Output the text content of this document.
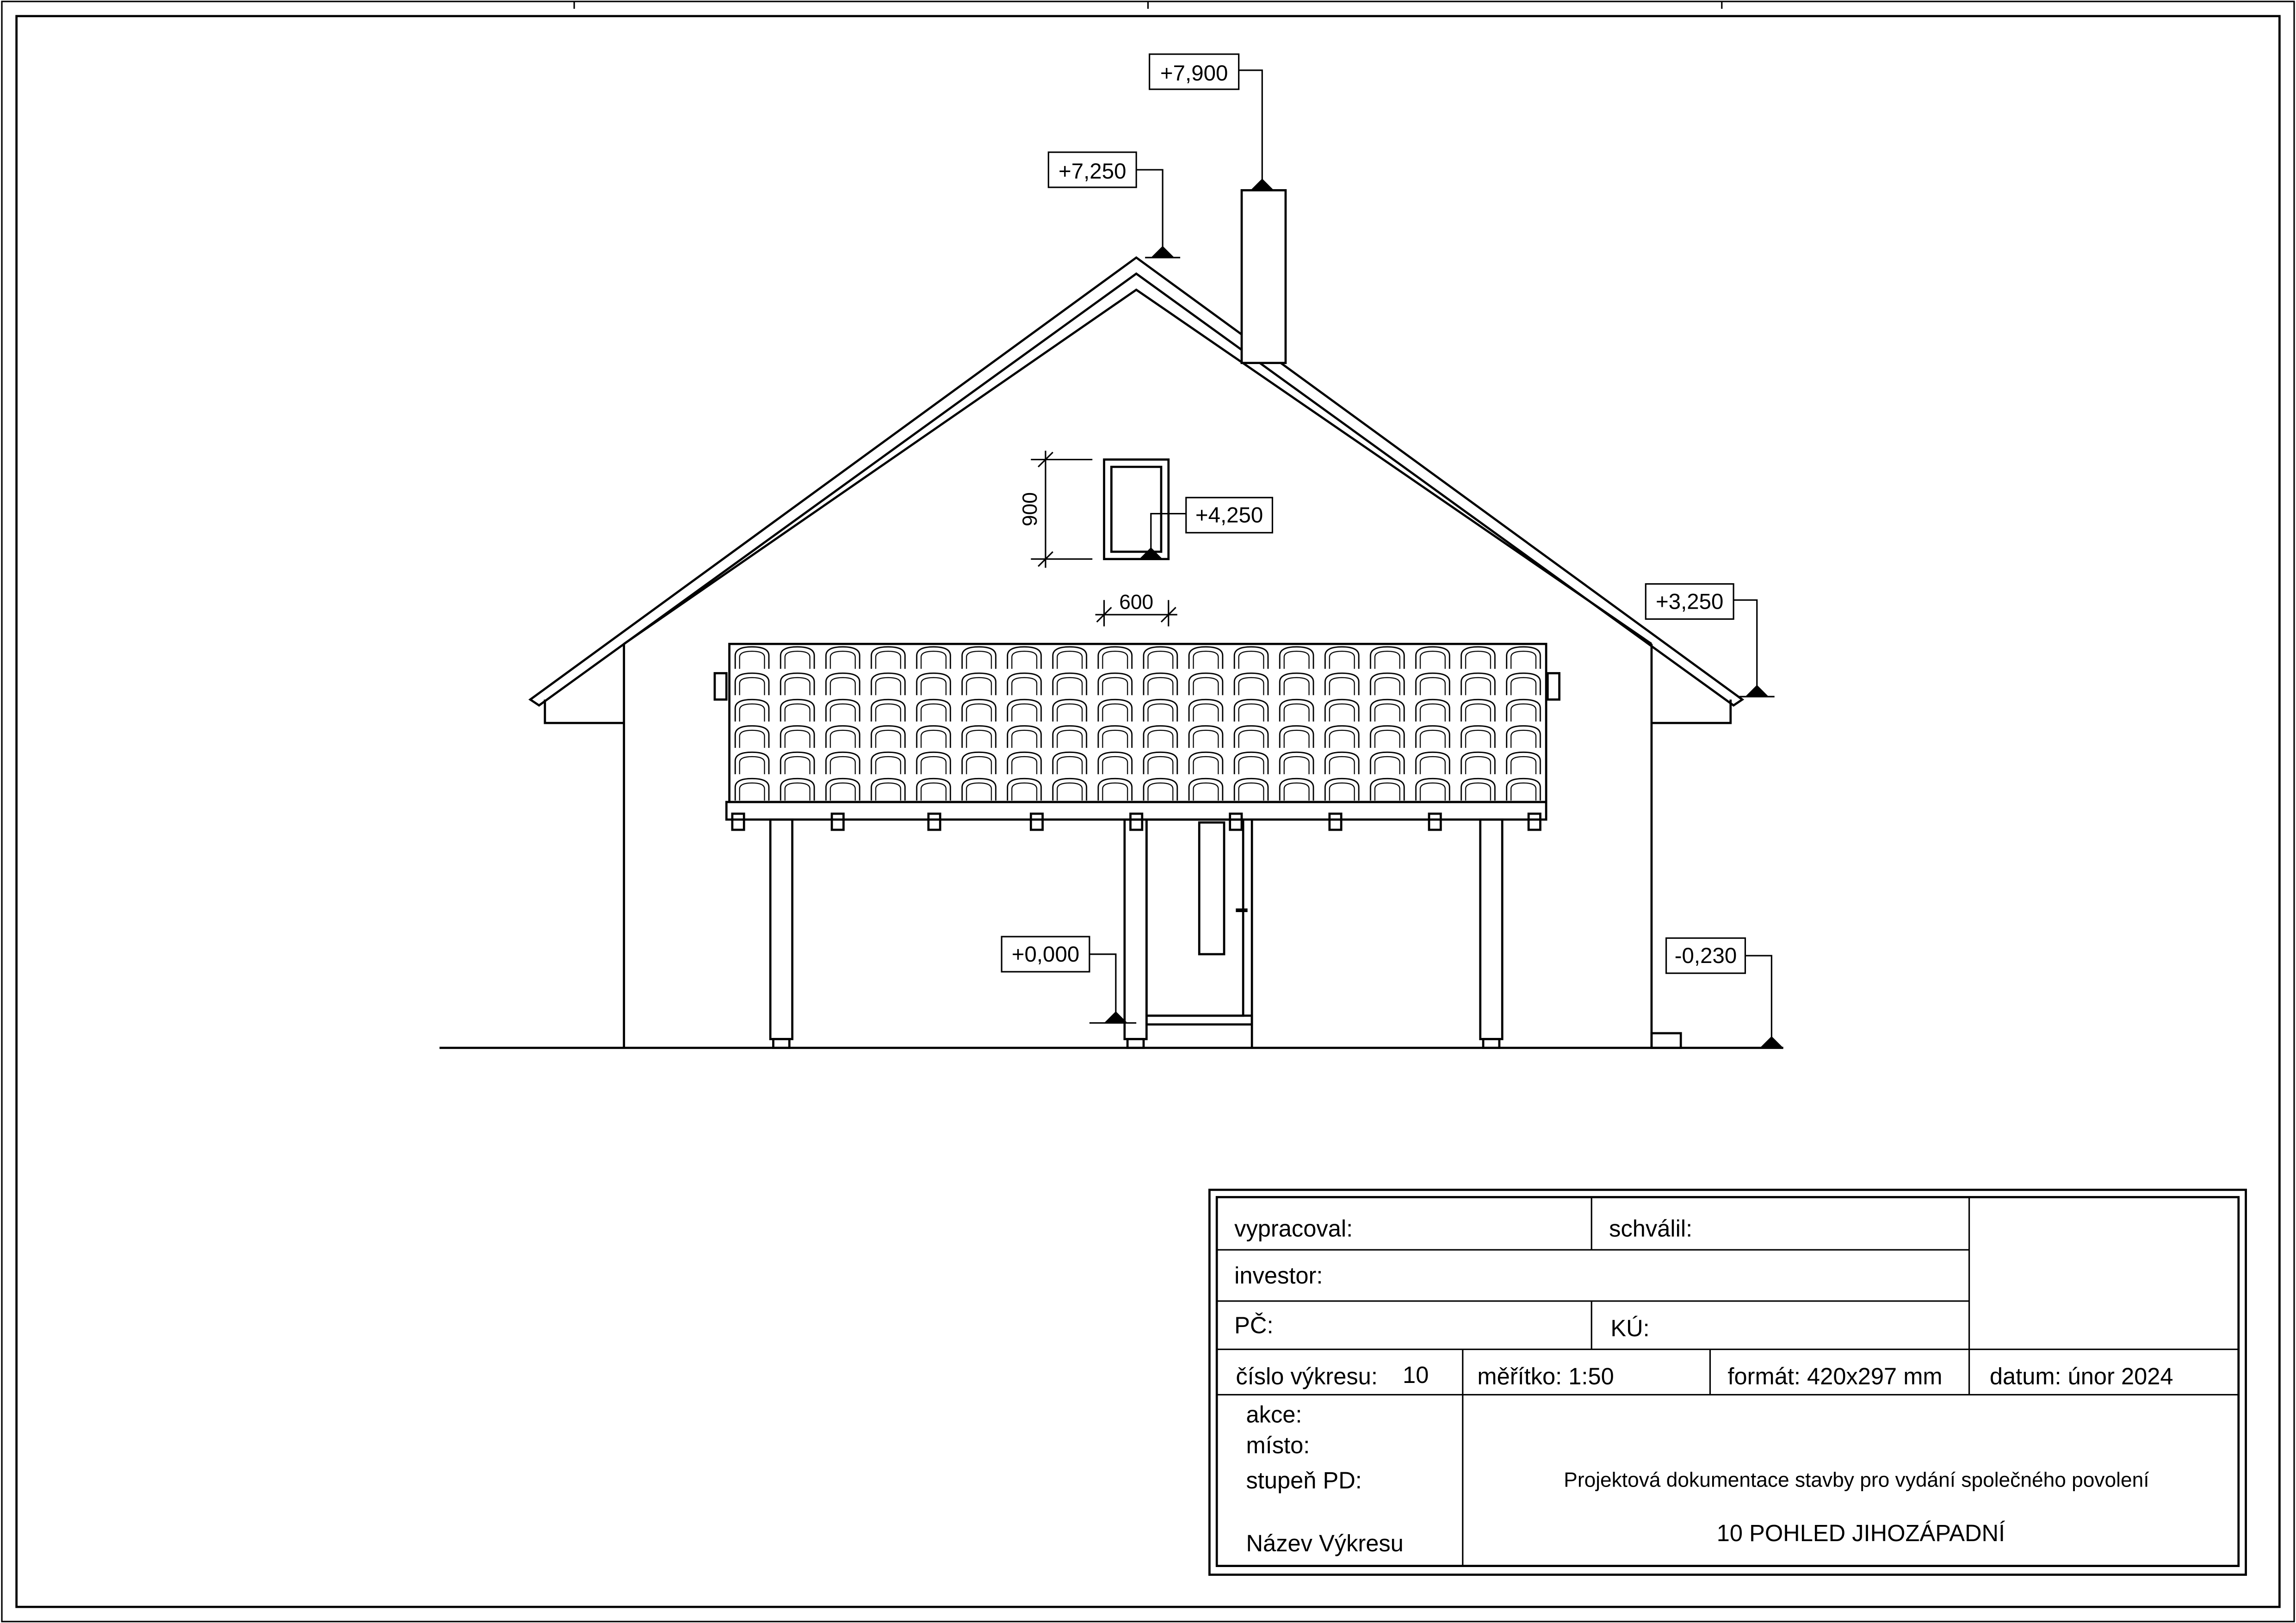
+7,900
+7,250
+4,250
+3,250
+0,000	-0,230
900
600
vypracoval:	schválil:
investor:
PČ:	KÚ:
číslo výkresu:	10	měřítko: 1:50	formát: 420x297 mm	datum: únor 2024
akce:
místo:
stupeň PD:
Název Výkresu
Projektová dokumentace stavby pro vydání společného povolení
10 POHLED JIHOZÁPADNÍ
